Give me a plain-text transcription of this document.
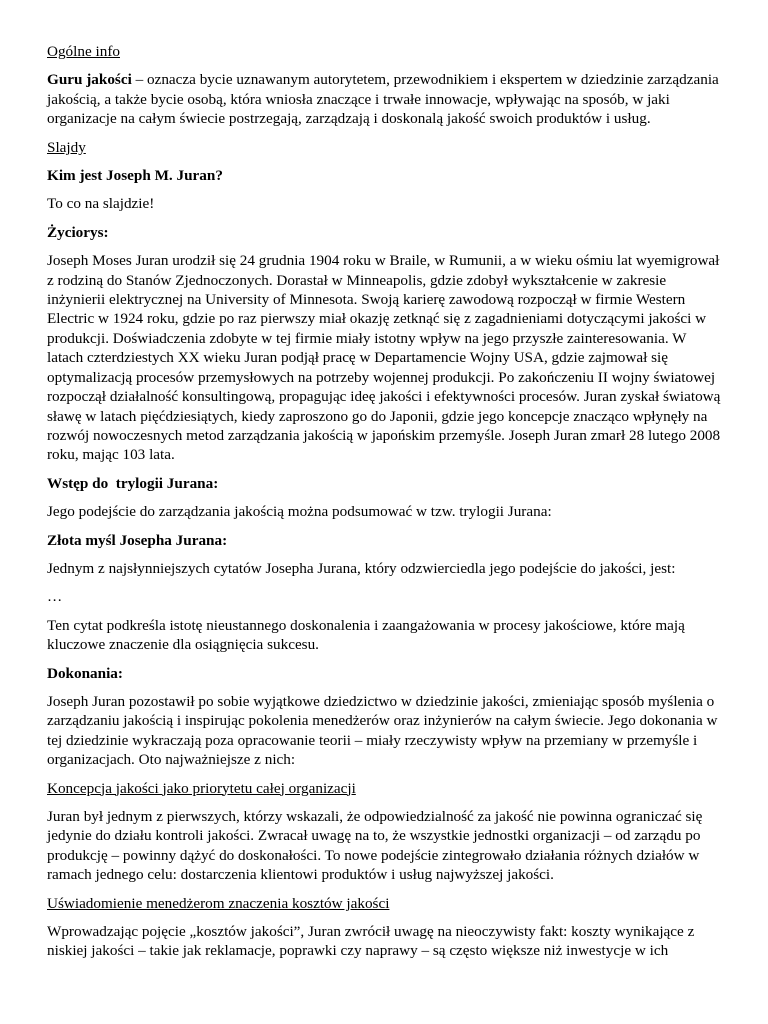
Ogólne info

Guru jakości – oznacza bycie uznawanym autorytetem, przewodnikiem i ekspertem w dziedzinie zarządzania jakością, a także bycie osobą, która wniosła znaczące i trwałe innowacje, wpływając na sposób, w jaki organizacje na całym świecie postrzegają, zarządzają i doskonalą jakość swoich produktów i usług.

Slajdy

Kim jest Joseph M. Juran?

To co na slajdzie!

Życiorys:

Joseph Moses Juran urodził się 24 grudnia 1904 roku w Braile, w Rumunii, a w wieku ośmiu lat wyemigrował z rodziną do Stanów Zjednoczonych. Dorastał w Minneapolis, gdzie zdobył wykształcenie w zakresie inżynierii elektrycznej na University of Minnesota. Swoją karierę zawodową rozpoczął w firmie Western Electric w 1924 roku, gdzie po raz pierwszy miał okazję zetknąć się z zagadnieniami dotyczącymi jakości w produkcji. Doświadczenia zdobyte w tej firmie miały istotny wpływ na jego przyszłe zainteresowania. W latach czterdziestych XX wieku Juran podjął pracę w Departamencie Wojny USA, gdzie zajmował się optymalizacją procesów przemysłowych na potrzeby wojennej produkcji. Po zakończeniu II wojny światowej rozpoczął działalność konsultingową, propagując ideę jakości i efektywności procesów. Juran zyskał światową sławę w latach pięćdziesiątych, kiedy zaproszono go do Japonii, gdzie jego koncepcje znacząco wpłynęły na rozwój nowoczesnych metod zarządzania jakością w japońskim przemyśle. Joseph Juran zmarł 28 lutego 2008 roku, mając 103 lata.

Wstęp do  trylogii Jurana:

Jego podejście do zarządzania jakością można podsumować w tzw. trylogii Jurana:

Złota myśl Josepha Jurana:

Jednym z najsłynniejszych cytatów Josepha Jurana, który odzwierciedla jego podejście do jakości, jest:

…

Ten cytat podkreśla istotę nieustannego doskonalenia i zaangażowania w procesy jakościowe, które mają kluczowe znaczenie dla osiągnięcia sukcesu.

Dokonania:

Joseph Juran pozostawił po sobie wyjątkowe dziedzictwo w dziedzinie jakości, zmieniając sposób myślenia o zarządzaniu jakością i inspirując pokolenia menedżerów oraz inżynierów na całym świecie. Jego dokonania w tej dziedzinie wykraczają poza opracowanie teorii – miały rzeczywisty wpływ na przemiany w przemyśle i organizacjach. Oto najważniejsze z nich:

Koncepcja jakości jako priorytetu całej organizacji

Juran był jednym z pierwszych, którzy wskazali, że odpowiedzialność za jakość nie powinna ograniczać się jedynie do działu kontroli jakości. Zwracał uwagę na to, że wszystkie jednostki organizacji – od zarządu po produkcję – powinny dążyć do doskonałości. To nowe podejście zintegrowało działania różnych działów w ramach jednego celu: dostarczenia klientowi produktów i usług najwyższej jakości.

Uświadomienie menedżerom znaczenia kosztów jakości

Wprowadzając pojęcie „kosztów jakości”, Juran zwrócił uwagę na nieoczywisty fakt: koszty wynikające z niskiej jakości – takie jak reklamacje, poprawki czy naprawy – są często większe niż inwestycje w ich
